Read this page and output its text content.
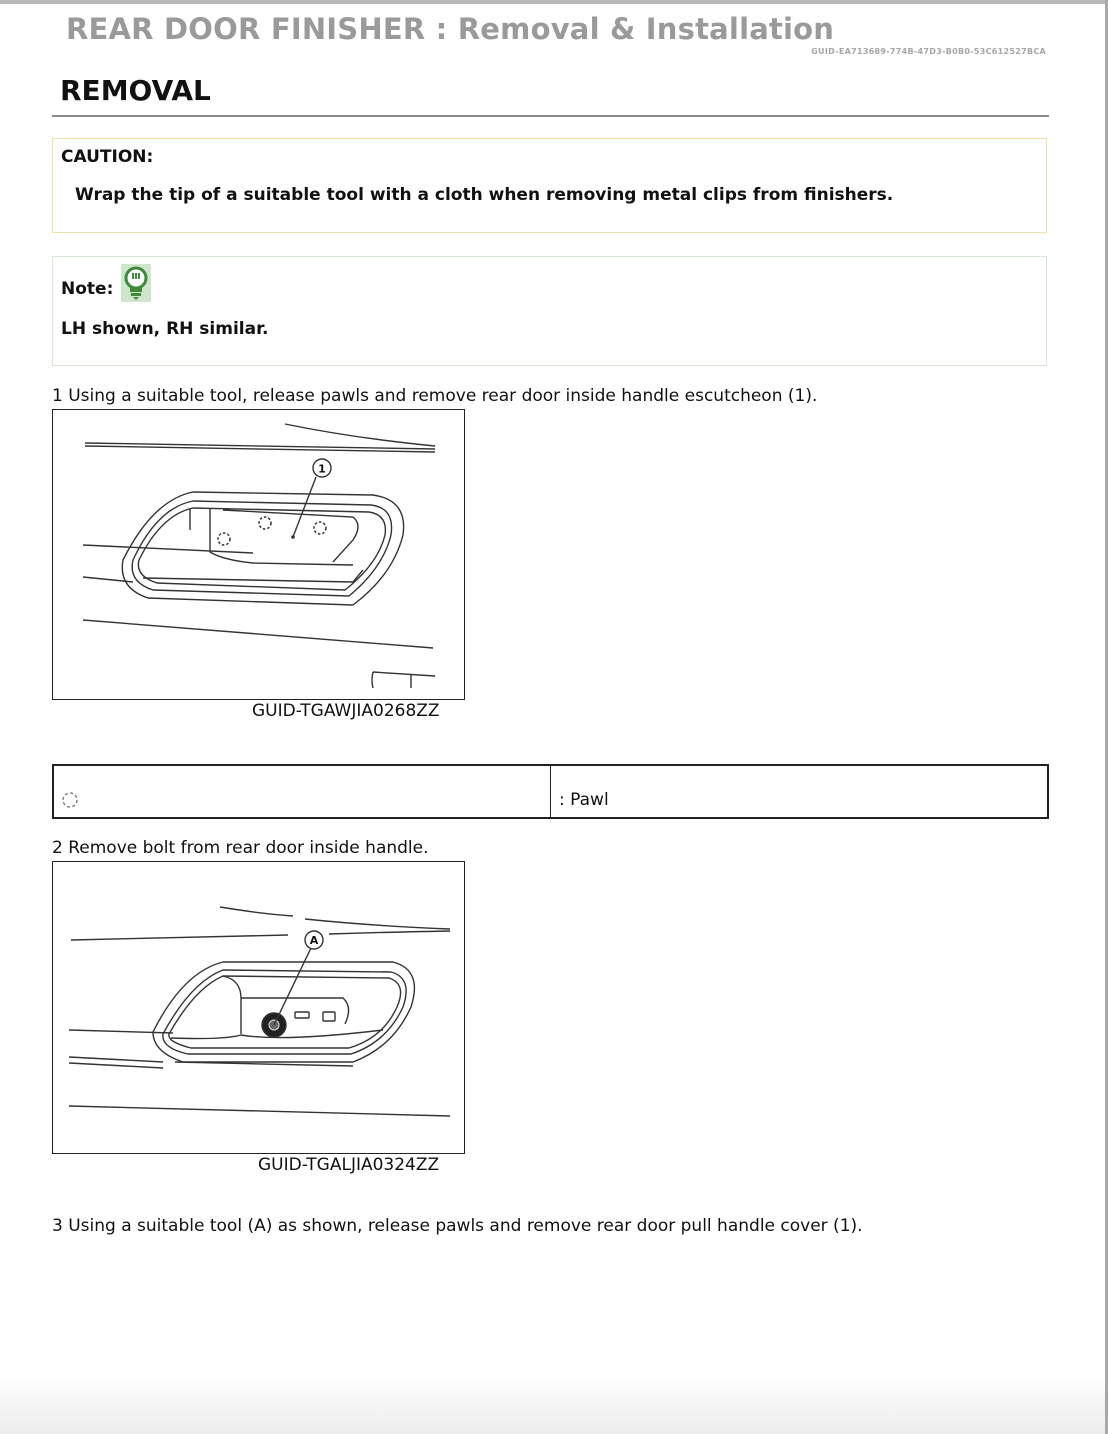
REAR DOOR FINISHER : Removal & Installation
GUID-EA713689-774B-47D3-B0B0-53C612527BCA
REMOVAL
CAUTION:
Wrap the tip of a suitable tool with a cloth when removing metal clips from finishers.
Note:
LH shown, RH similar.
1 Using a suitable tool, release pawls and remove rear door inside handle escutcheon (1).
1
GUID-TGAWJIA0268ZZ
: Pawl
2 Remove bolt from rear door inside handle.
A
GUID-TGALJIA0324ZZ
3 Using a suitable tool (A) as shown, release pawls and remove rear door pull handle cover (1).
